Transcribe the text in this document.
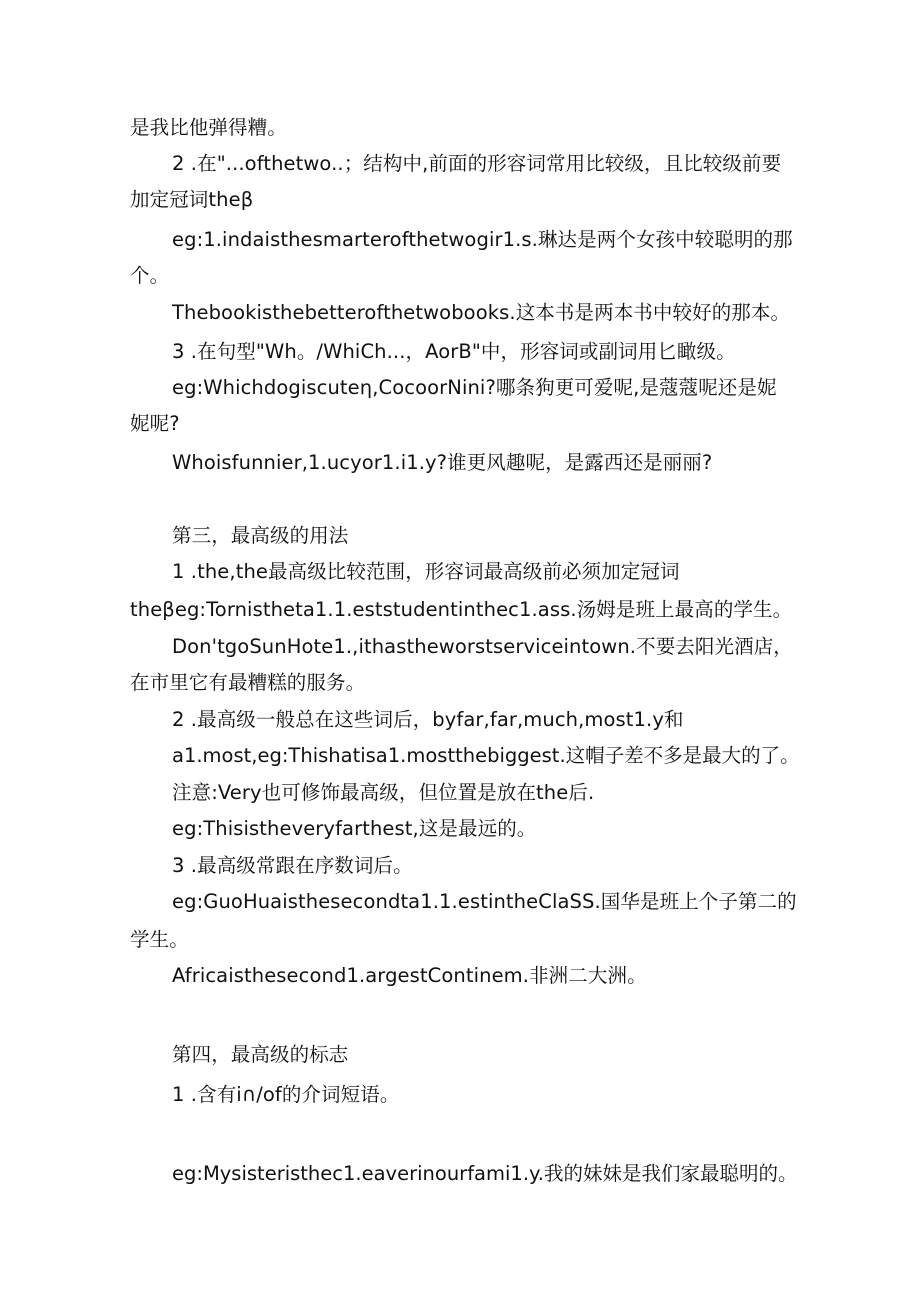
是我比他弹得糟。
2 .在"...ofthetwo..；结构中,前面的形容词常用比较级，且比较级前要
加定冠词theβ
eg:1.indaisthesmarterofthetwogir1.s.琳达是两个女孩中较聪明的那
个。
Thebookisthebetterofthetwobooks.这本书是两本书中较好的那本。
3 .在句型"Wh。/WhiCh...，AorB"中，形容词或副词用匕瞰级。
eg:Whichdogiscuteη,CocoorNini?哪条狗更可爱呢,是蔻蔻呢还是妮
妮呢?
Whoisfunnier,1.ucyor1.i1.y?谁更风趣呢，是露西还是丽丽?
第三，最高级的用法
1 .the,the最高级比较范围，形容词最高级前必须加定冠词
theβeg:Tornistheta1.1.eststudentinthec1.ass.汤姆是班上最高的学生。
Don'tgoSunHote1.,ithastheworstserviceintown.不要去阳光酒店，
在市里它有最糟糕的服务。
2 .最高级一般总在这些词后，byfar,far,much,most1.y和
a1.most,eg:Thishatisa1.mostthebiggest.这帽子差不多是最大的了。
注意:Very也可修饰最高级，但位置是放在the后.
eg:Thisistheveryfarthest,这是最远的。
3 .最高级常跟在序数词后。
eg:GuoHuaisthesecondta1.1.estintheClaSS.国华是班上个子第二的
学生。
Africaisthesecond1.argestContinem.非洲二大洲。
第四，最高级的标志
1 .含有i∩/of的介词短语。
eg:Mysisteristhec1.eaverinourfami1.y.我的妹妹是我们家最聪明的。
